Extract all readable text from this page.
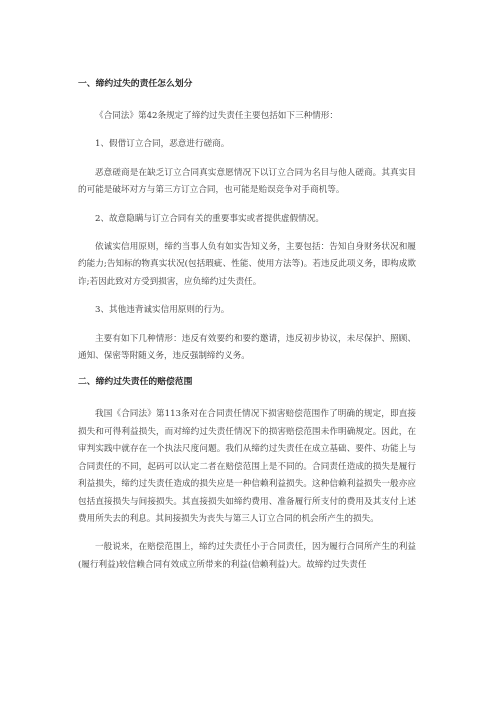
一、缔约过失的责任怎么划分

《合同法》第42条规定了缔约过失责任主要包括如下三种情形：

1、假借订立合同，恶意进行磋商。

恶意磋商是在缺乏订立合同真实意愿情况下以订立合同为名目与他人磋商。其真实目的可能是破坏对方与第三方订立合同，也可能是贻误竞争对手商机等。

2、故意隐瞒与订立合同有关的重要事实或者提供虚假情况。

依诚实信用原则，缔约当事人负有如实告知义务，主要包括：告知自身财务状况和履约能力;告知标的物真实状况(包括瑕疵、性能、使用方法等)。若违反此项义务，即构成欺诈;若因此致对方受到损害，应负缔约过失责任。

3、其他违背诚实信用原则的行为。

主要有如下几种情形：违反有效要约和要约邀请，违反初步协议，未尽保护、照顾、通知、保密等附随义务，违反强制缔约义务。

二、缔约过失责任的赔偿范围

我国《合同法》第113条对在合同责任情况下损害赔偿范围作了明确的规定，即直接损失和可得利益损失，而对缔约过失责任情况下的损害赔偿范围未作明确规定。因此，在审判实践中就存在一个执法尺度问题。我们从缔约过失责任在成立基础、要件、功能上与合同责任的不同，起码可以认定二者在赔偿范围上是不同的。合同责任造成的损失是履行利益损失，缔约过失责任造成的损失应是一种信赖利益损失。这种信赖利益损失一般亦应包括直接损失与间接损失。其直接损失如缔约费用、准备履行所支付的费用及其支付上述费用所失去的利息。其间接损失为丧失与第三人订立合同的机会所产生的损失。

一般说来，在赔偿范围上，缔约过失责任小于合同责任，因为履行合同所产生的利益(履行利益)较信赖合同有效成立所带来的利益(信赖利益)大。故缔约过失责任
